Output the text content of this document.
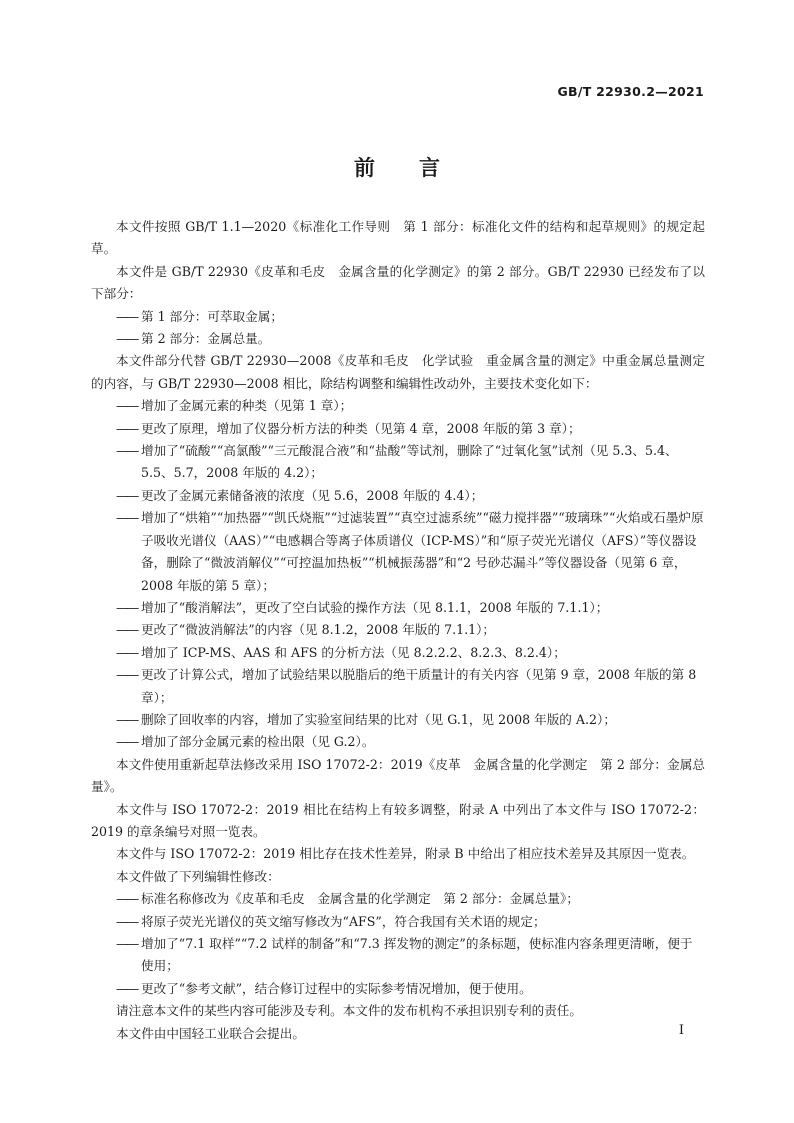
GB/T 22930.2—2021
前 言
本文件按照 GB/T 1.1—2020《标准化工作导则　第 1 部分：标准化文件的结构和起草规则》的规定起草。
本文件是 GB/T 22930《皮革和毛皮　金属含量的化学测定》的第 2 部分。GB/T 22930 已经发布了以下部分：
—— 第 1 部分：可萃取金属；
—— 第 2 部分：金属总量。
本文件部分代替 GB/T 22930—2008《皮革和毛皮　化学试验　重金属含量的测定》中重金属总量测定的内容，与 GB/T 22930—2008 相比，除结构调整和编辑性改动外，主要技术变化如下：
—— 增加了金属元素的种类（见第 1 章）；
—— 更改了原理，增加了仪器分析方法的种类（见第 4 章，2008 年版的第 3 章）；
—— 增加了“硫酸”“高氯酸”“三元酸混合液”和“盐酸”等试剂，删除了“过氧化氢”试剂（见 5.3、5.4、5.5、5.7，2008 年版的 4.2）；
—— 更改了金属元素储备液的浓度（见 5.6，2008 年版的 4.4）；
—— 增加了“烘箱”“加热器”“凯氏烧瓶”“过滤装置”“真空过滤系统”“磁力搅拌器”“玻璃珠”“火焰或石墨炉原子吸收光谱仪（AAS）”“电感耦合等离子体质谱仪（ICP-MS）”和“原子荧光光谱仪（AFS）”等仪器设备，删除了“微波消解仪”“可控温加热板”“机械振荡器”和“2 号砂芯漏斗”等仪器设备（见第 6 章，2008 年版的第 5 章）；
—— 增加了“酸消解法”，更改了空白试验的操作方法（见 8.1.1，2008 年版的 7.1.1）；
—— 更改了“微波消解法”的内容（见 8.1.2，2008 年版的 7.1.1）；
—— 增加了 ICP-MS、AAS 和 AFS 的分析方法（见 8.2.2.2、8.2.3、8.2.4）；
—— 更改了计算公式，增加了试验结果以脱脂后的绝干质量计的有关内容（见第 9 章，2008 年版的第 8 章）；
—— 删除了回收率的内容，增加了实验室间结果的比对（见 G.1，见 2008 年版的 A.2）；
—— 增加了部分金属元素的检出限（见 G.2）。
本文件使用重新起草法修改采用 ISO 17072-2：2019《皮革　金属含量的化学测定　第 2 部分：金属总量》。
本文件与 ISO 17072-2：2019 相比在结构上有较多调整，附录 A 中列出了本文件与 ISO 17072-2：2019 的章条编号对照一览表。
本文件与 ISO 17072-2：2019 相比存在技术性差异，附录 B 中给出了相应技术差异及其原因一览表。
本文件做了下列编辑性修改：
—— 标准名称修改为《皮革和毛皮　金属含量的化学测定　第 2 部分：金属总量》；
—— 将原子荧光光谱仪的英文缩写修改为“AFS”，符合我国有关术语的规定；
—— 增加了“7.1 取样”“7.2 试样的制备”和“7.3 挥发物的测定”的条标题，使标准内容条理更清晰，便于使用；
—— 更改了“参考文献”，结合修订过程中的实际参考情况增加，便于使用。
请注意本文件的某些内容可能涉及专利。本文件的发布机构不承担识别专利的责任。
本文件由中国轻工业联合会提出。	I
